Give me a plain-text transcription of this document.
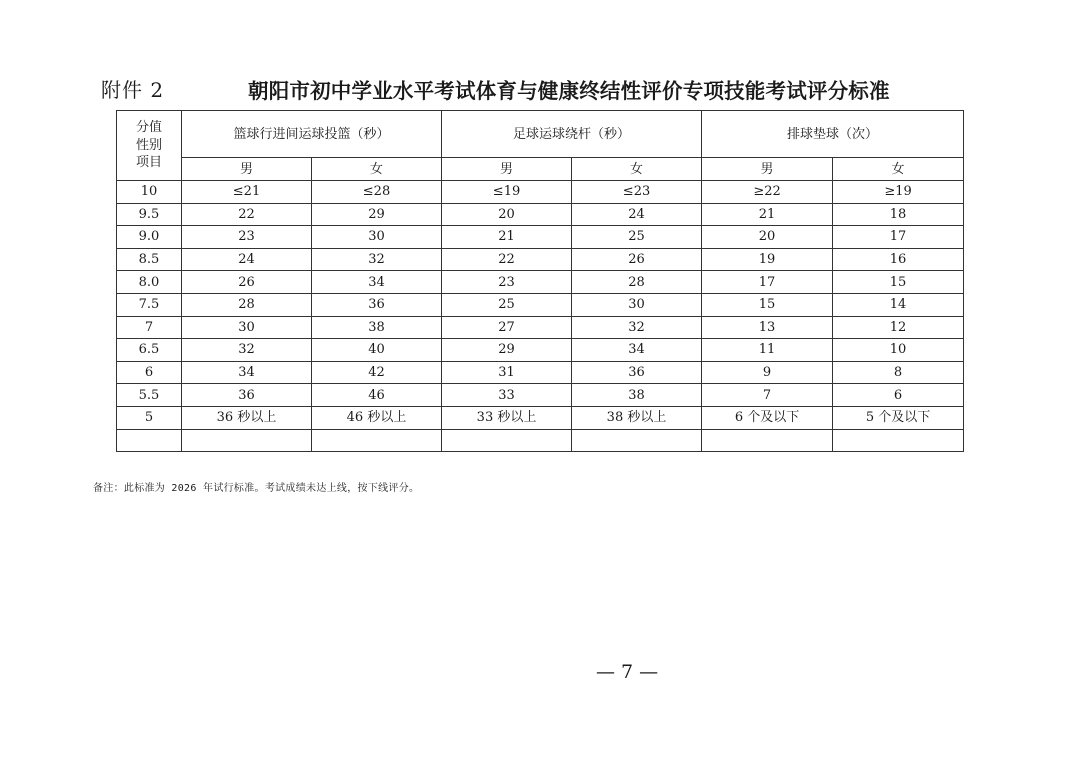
附件 2	朝阳市初中学业水平考试体育与健康终结性评价专项技能考试评分标准
分值
性别
项目	篮球行进间运球投篮（秒）		足球运球绕杆（秒）		排球垫球（次）	
	男	女	男	女	男	女
10	≤21	≤28	≤19	≤23	≥22	≥19
9.5	22	29	20	24	21	18
9.0	23	30	21	25	20	17
8.5	24	32	22	26	19	16
8.0	26	34	23	28	17	15
7.5	28	36	25	30	15	14
7	30	38	27	32	13	12
6.5	32	40	29	34	11	10
6	34	42	31	36	9	8
5.5	36	46	33	38	7	6
5	36 秒以上	46 秒以上	33 秒以上	38 秒以上	6 个及以下	5 个及以下

备注：此标准为 2026 年试行标准。考试成绩未达上线，按下线评分。
— 7 —
